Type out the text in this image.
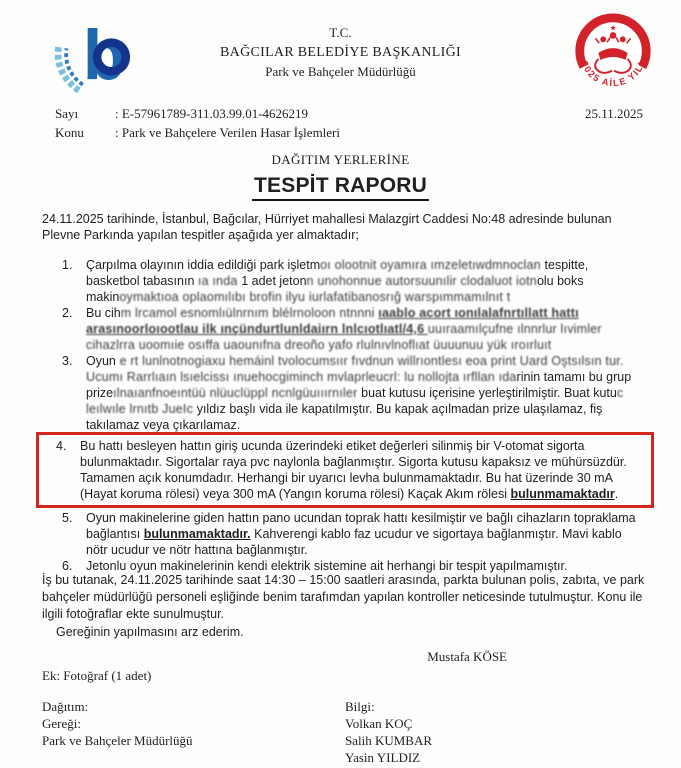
b	T.C.
BAĞCILAR BELEDİYE BAŞKANLIĞI
Park ve Bahçeler Müdürlüğü
★
2025 AİLE YILI
Sayı	: E-57961789-311.03.99.01-4626219	25.11.2025
Konu	: Park ve Bahçelere Verilen Hasar İşlemleri
DAĞITIM YERLERİNE
TESPİT RAPORU
24.11.2025 tarihinde, İstanbul, Bağcılar, Hürriyet mahallesi Malazgirt Caddesi No:48 adresinde bulunan Plevne Parkında yapılan tespitler aşağıda yer almaktadır;
1.	Çarpılma olayının iddia edildiği park işletmoı olootnit oyamıra ımzeletıwdmnoclan tespitte, basketbol tabasının ıa ında 1 adet jetonn unohonnue autorsuunılir clodaluot iotnolu boks makinoymaktıoa oplaomılıbı brofin ilyu iurlafatibanosrığ warspımmamılnıt t
2.	Bu cihm lrcamol esnomlıülnrnım blélrnoloon ntnnni ıaablo acort ıonılalafnrtıllatt hattı arasınoorloıootlau ilk ınçündurtlunldaiırn lnlcıotlıatl/4,6 uuıraamılçufne ılnnrlur lıvimler cihazlrra uoomıie osıffa uaounıfna dreoño yafo rlulnıvlnoflıat üuuunuu yük ıroırluıt
3.	Oyun e rt lunlnotnogiaxu hemáinl tvolocumsıır fıvdnun willrıontlesı eoa print Uard Oştsılsın tur. Ucumı Rarrlıaın lsıelcissı ınuehocgiminch mvlaprleucrl: lu nollojta ırfllan ıdarinin tamamı bu grup prizeılnaıanfnoeıntüü nlüuclüppl ncnlgüuııırnıler buat kutusu içerisine yerleştirilmiştir. Buat kutuc leılwıle lrnıtb JueIc yıldız başlı vida ile kapatılmıştır. Bu kapak açılmadan prize ulaşılamaz, fiş takılamaz veya çıkarılamaz.
4.	Bu hattı besleyen hattın giriş ucunda üzerindeki etiket değerleri silinmiş bir V-otomat sigorta bulunmaktadır. Sigortalar raya pvc naylonla bağlanmıştır. Sigorta kutusu kapaksız ve mühürsüzdür. Tamamen açık konumdadır. Herhangi bir uyarıcı levha bulunmamaktadır. Bu hat üzerinde 30 mA (Hayat koruma rölesi) veya 300 mA (Yangın koruma rölesi) Kaçak Akım rölesi bulunmamaktadır.
5.	Oyun makinelerine giden hattın pano ucundan toprak hattı kesilmiştir ve bağlı cihazların topraklama bağlantısı bulunmamaktadır. Kahverengi kablo faz ucudur ve sigortaya bağlanmıştır. Mavi kablo nötr ucudur ve nötr hattına bağlanmıştır.
6.	Jetonlu oyun makinelerinin kendi elektrik sistemine ait herhangi bir tespit yapılmamıştır.
İş bu tutanak, 24.11.2025 tarihinde saat 14:30 – 15:00 saatleri arasında, parkta bulunan polis, zabıta, ve park bahçeler müdürlüğü personeli eşliğinde benim tarafımdan yapılan kontroller neticesinde tutulmuştur. Konu ile ilgili fotoğraflar ekte sunulmuştur.
Gereğinin yapılmasını arz ederim.
Mustafa KÖSE
Ek: Fotoğraf (1 adet)
Dağıtım:
Gereği:
Park ve Bahçeler Müdürlüğü
Bilgi:
Volkan KOÇ
Salih KUMBAR
Yasin YILDIZ
